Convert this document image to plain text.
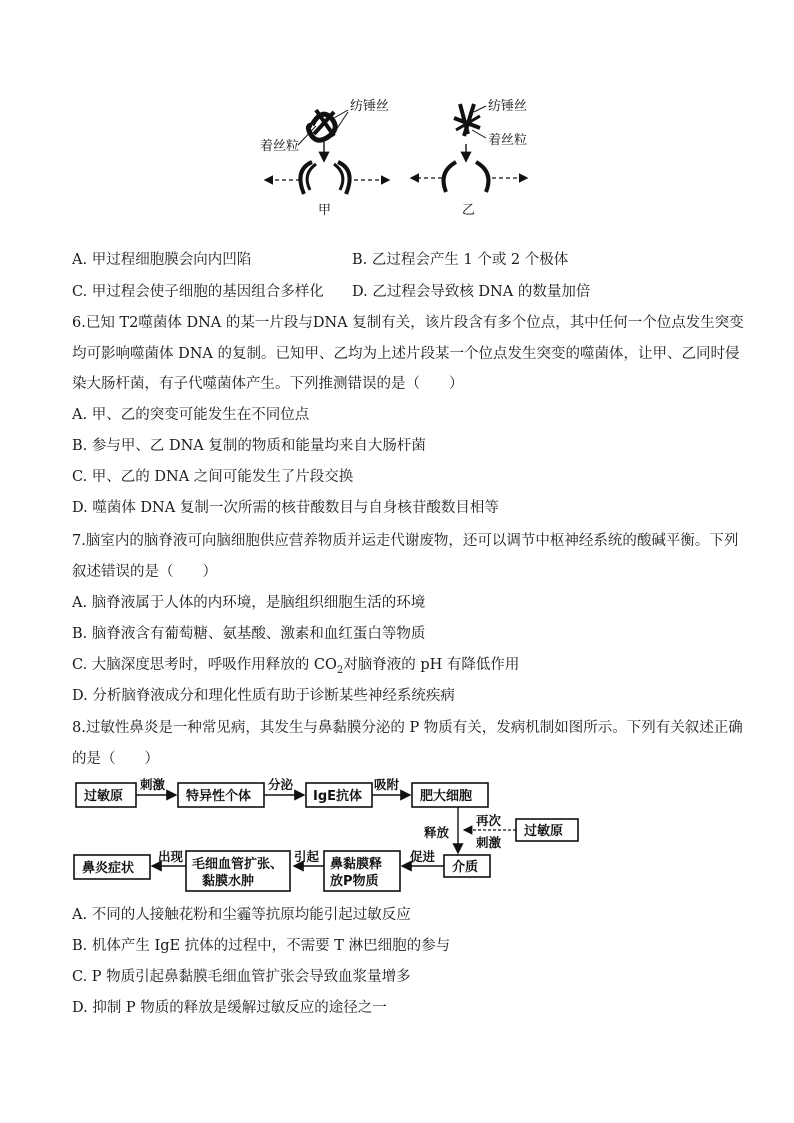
纺锤丝
着丝粒
甲
纺锤丝
着丝粒
乙
A. 甲过程细胞膜会向内凹陷	B. 乙过程会产生 1 个或 2 个极体
C. 甲过程会使子细胞的基因组合多样化 D. 乙过程会导致核 DNA 的数量加倍
6.已知 T2噬菌体 DNA 的某一片段与DNA 复制有关，该片段含有多个位点，其中任何一个位点发生突变
均可影响噬菌体 DNA 的复制。已知甲、乙均为上述片段某一个位点发生突变的噬菌体，让甲、乙同时侵
染大肠杆菌，有子代噬菌体产生。下列推测错误的是（　　）
A. 甲、乙的突变可能发生在不同位点
B. 参与甲、乙 DNA 复制的物质和能量均来自大肠杆菌
C. 甲、乙的 DNA 之间可能发生了片段交换
D. 噬菌体 DNA 复制一次所需的核苷酸数目与自身核苷酸数目相等
7.脑室内的脑脊液可向脑细胞供应营养物质并运走代谢废物，还可以调节中枢神经系统的酸碱平衡。下列
叙述错误的是（　　）
A. 脑脊液属于人体的内环境，是脑组织细胞生活的环境
B. 脑脊液含有葡萄糖、氨基酸、激素和血红蛋白等物质
C. 大脑深度思考时，呼吸作用释放的 $CO_2$对脑脊液的 pH 有降低作用
D. 分析脑脊液成分和理化性质有助于诊断某些神经系统疾病
8.过敏性鼻炎是一种常见病，其发生与鼻黏膜分泌的 P 物质有关，发病机制如图所示。下列有关叙述正确
的是（　　）
过敏原
刺激
特异性个体
分泌
IgE抗体
吸附
肥大细胞
释放	过敏原
再次
刺激
介质
促进
鼻黏膜释
放P物质
引起
毛细血管扩张、
黏膜水肿
出现
鼻炎症状
A. 不同的人接触花粉和尘霾等抗原均能引起过敏反应
B. 机体产生 IgE 抗体的过程中，不需要 T 淋巴细胞的参与
C. P 物质引起鼻黏膜毛细血管扩张会导致血浆量增多
D. 抑制 P 物质的释放是缓解过敏反应的途径之一
